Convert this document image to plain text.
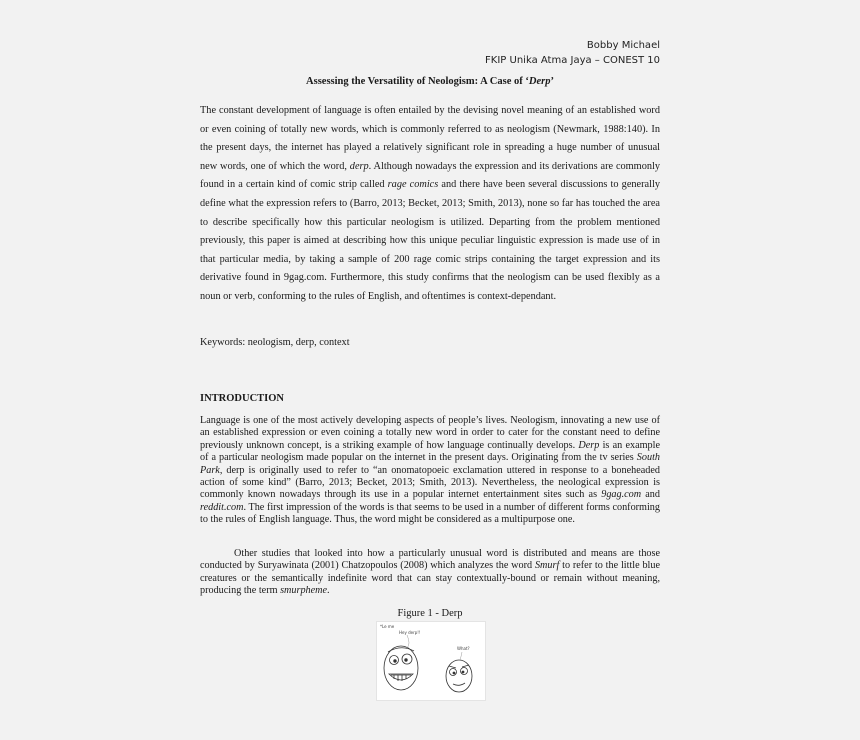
Bobby Michael
FKIP Unika Atma Jaya – CONEST 10
Assessing the Versatility of Neologism: A Case of ‘Derp’

The constant development of language is often entailed by the devising novel meaning of an established word or even coining of totally new words, which is commonly referred to as neologism (Newmark, 1988:140). In the present days, the internet has played a relatively significant role in spreading a huge number of unusual new words, one of which the word, derp. Although nowadays the expression and its derivations are commonly found in a certain kind of comic strip called rage comics and there have been several discussions to generally define what the expression refers to (Barro, 2013; Becket, 2013; Smith, 2013), none so far has touched the area to describe specifically how this particular neologism is utilized. Departing from the problem mentioned previously, this paper is aimed at describing how this unique peculiar linguistic expression is made use of in that particular media, by taking a sample of 200 rage comic strips containing the target expression and its derivative found in 9gag.com. Furthermore, this study confirms that the neologism can be used flexibly as a noun or verb, conforming to the rules of English, and oftentimes is context-dependant.

Keywords: neologism, derp, context

INTRODUCTION

Language is one of the most actively developing aspects of people’s lives. Neologism, innovating a new use of an established expression or even coining a totally new word in order to cater for the constant need to define previously unknown concept, is a striking example of how language continually develops. Derp is an example of a particular neologism made popular on the internet in the present days. Originating from the tv series South Park, derp is originally used to refer to “an onomatopoeic exclamation uttered in response to a boneheaded action of some kind” (Barro, 2013; Becket, 2013; Smith, 2013). Nevertheless, the neological expression is commonly known nowadays through its use in a popular internet entertainment sites such as 9gag.com and reddit.com. The first impression of the words is that seems to be used in a number of different forms conforming to the rules of English language. Thus, the word might be considered as a multipurpose one.

Other studies that looked into how a particularly unusual word is distributed and means are those conducted by Suryawinata (2001) Chatzopoulos (2008) which analyzes the word Smurf to refer to the little blue creatures or the semantically indefinite word that can stay contextually-bound or remain without meaning, producing the term smurpheme.

Figure 1 - Derp
*Le me
Hey derp!!
What?
